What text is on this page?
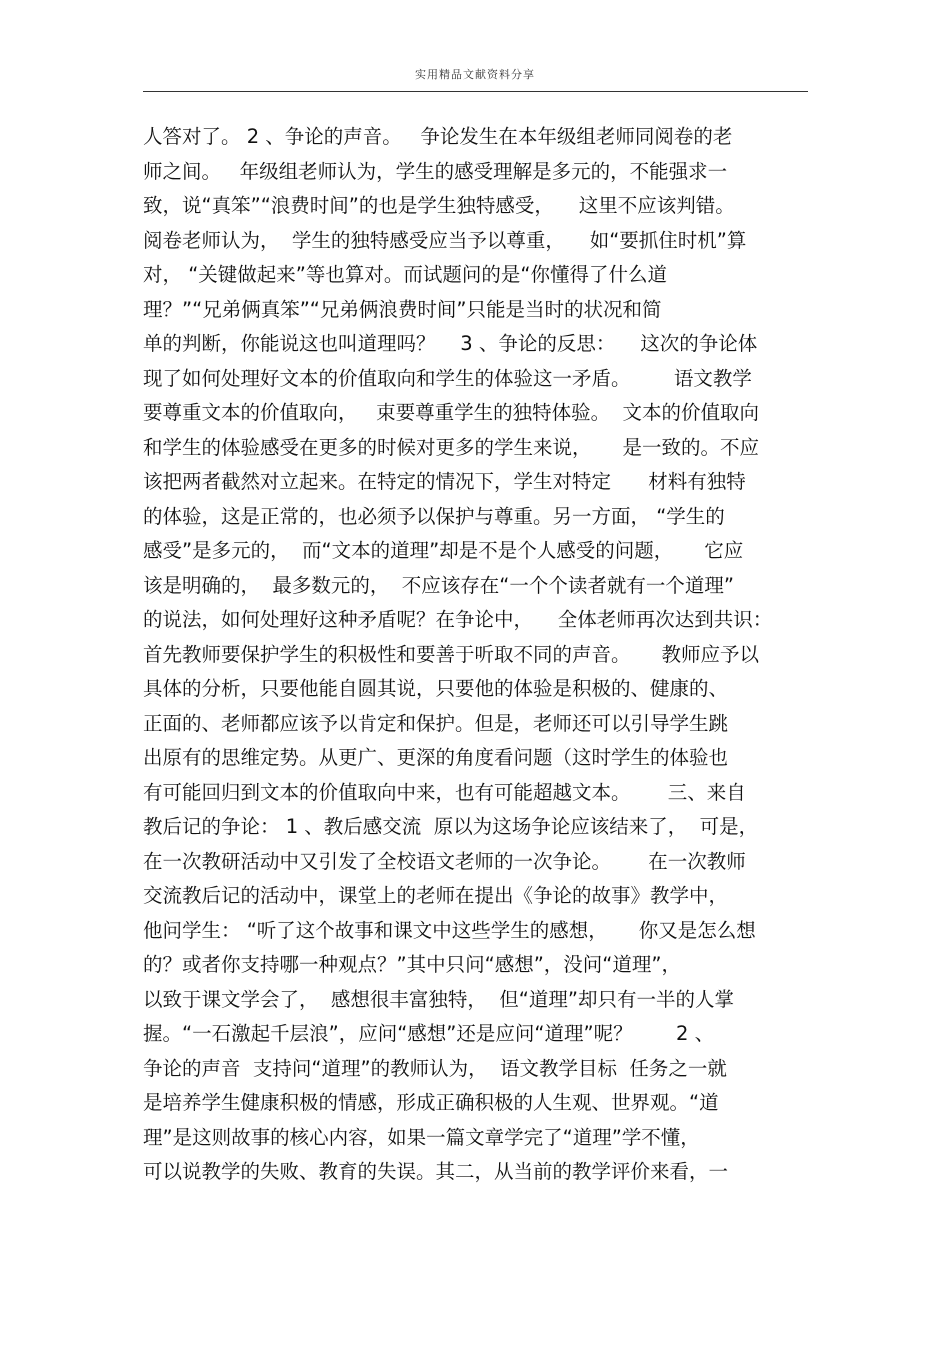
实用精品文献资料分享
人答对了。 2 、争论的声音。   争论发生在本年级组老师同阅卷的老
师之间。   年级组老师认为，学生的感受理解是多元的，不能强求一
致，说“真笨”“浪费时间”的也是学生独特感受，    这里不应该判错。
阅卷老师认为，  学生的独特感受应当予以尊重，    如“要抓住时机”算
对， “关键做起来”等也算对。而试题问的是“你懂得了什么道
理？”“兄弟俩真笨”“兄弟俩浪费时间”只能是当时的状况和简
单的判断，你能说这也叫道理吗？    3 、争论的反思：    这次的争论体
现了如何处理好文本的价值取向和学生的体验这一矛盾。       语文教学
要尊重文本的价值取向，   束要尊重学生的独特体验。  文本的价值取向
和学生的体验感受在更多的时候对更多的学生来说，     是一致的。不应
该把两者截然对立起来。在特定的情况下，学生对特定      材料有独特
的体验，这是正常的，也必须予以保护与尊重。另一方面， “学生的
感受”是多元的，  而“文本的道理”却是不是个人感受的问题，     它应
该是明确的，  最多数元的，  不应该存在“一个个读者就有一个道理”
的说法，如何处理好这种矛盾呢？在争论中，    全体老师再次达到共识：
首先教师要保护学生的积极性和要善于听取不同的声音。     教师应予以
具体的分析，只要他能自圆其说，只要他的体验是积极的、健康的、
正面的、老师都应该予以肯定和保护。但是，老师还可以引导学生跳
出原有的思维定势。从更广、更深的角度看问题（这时学生的体验也
有可能回归到文本的价值取向中来，也有可能超越文本。      三、来自
教后记的争论： 1 、教后感交流  原以为这场争论应该结来了，  可是，
在一次教研活动中又引发了全校语文老师的一次争论。      在一次教师
交流教后记的活动中，课堂上的老师在提出《争论的故事》教学中，
他问学生： “听了这个故事和课文中这些学生的感想，     你又是怎么想
的？或者你支持哪一种观点？”其中只问“感想”，没问“道理”，
以致于课文学会了，  感想很丰富独特，  但“道理”却只有一半的人掌
握。“一石激起千层浪”，应问“感想”还是应问“道理”呢？       2 、
争论的声音  支持问“道理”的教师认为，  语文教学目标  任务之一就
是培养学生健康积极的情感，形成正确积极的人生观、世界观。“道
理”是这则故事的核心内容，如果一篇文章学完了“道理”学不懂，
可以说教学的失败、教育的失误。其二，从当前的教学评价来看，一
